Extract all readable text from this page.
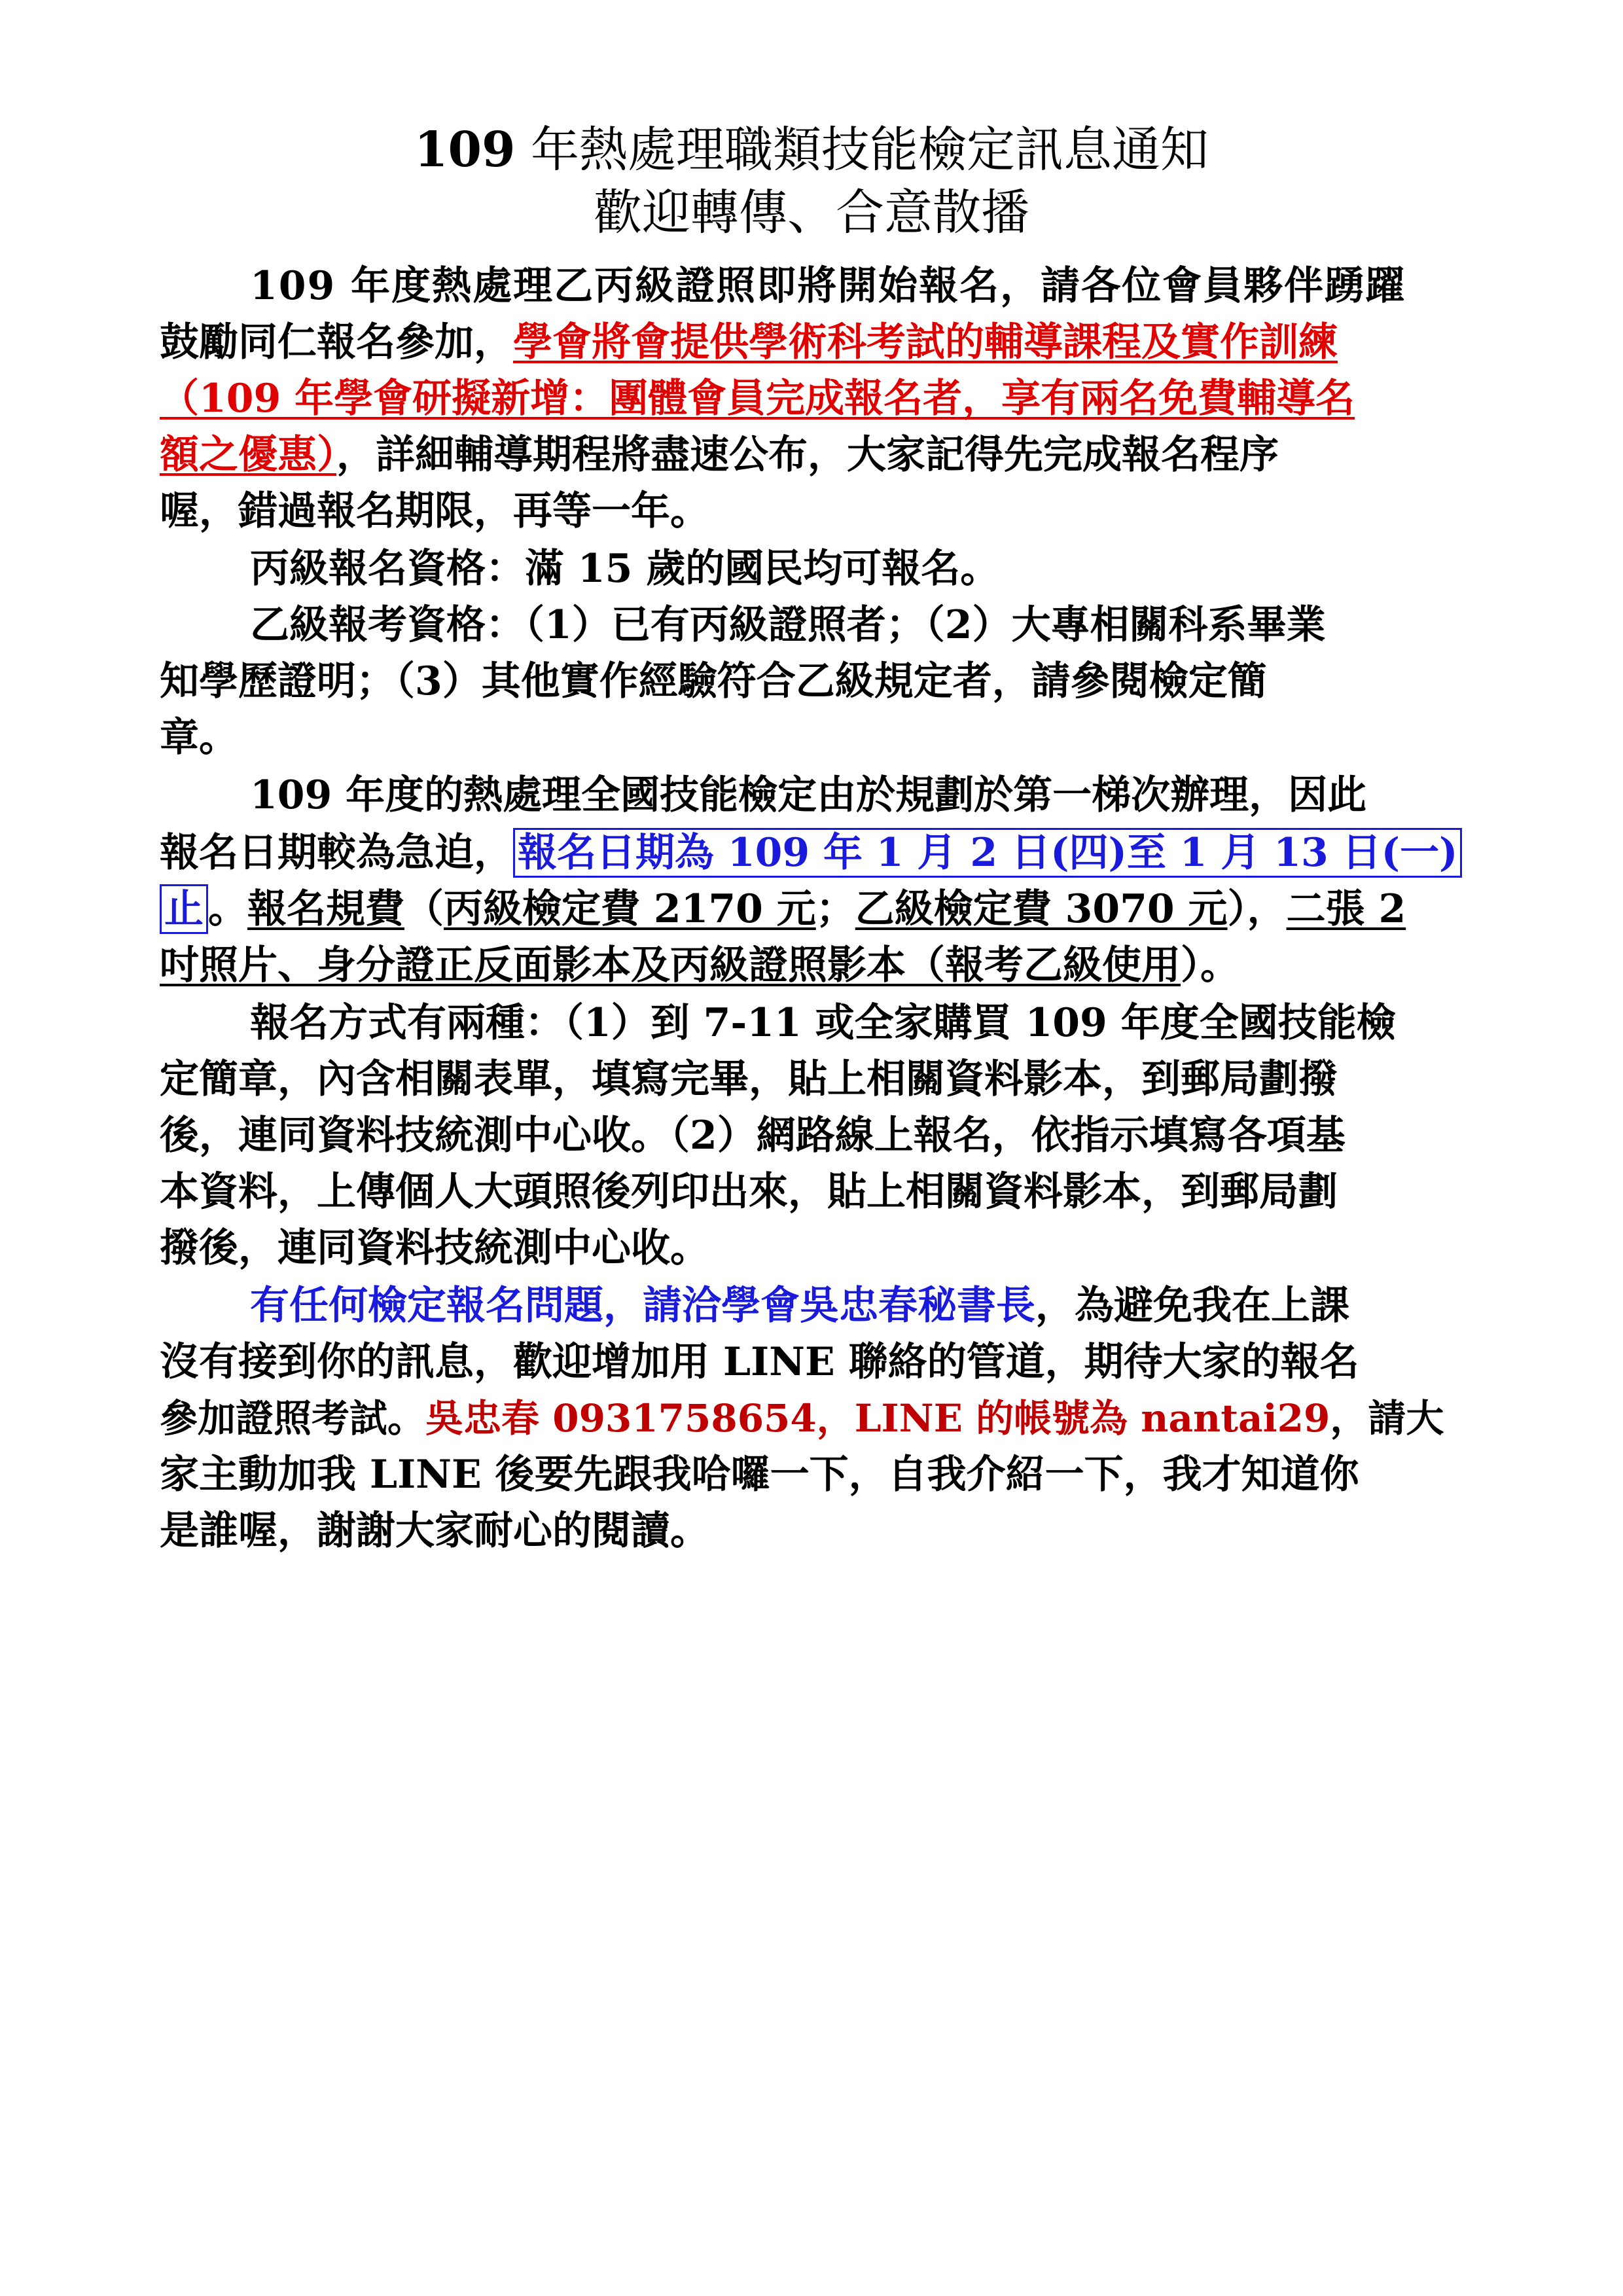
109 年熱處理職類技能檢定訊息通知
歡迎轉傳、合意散播
109 年度熱處理乙丙級證照即將開始報名，請各位會員夥伴踴躍
鼓勵同仁報名參加，學會將會提供學術科考試的輔導課程及實作訓練
（109 年學會研擬新增：團體會員完成報名者，享有兩名免費輔導名
額之優惠），詳細輔導期程將盡速公布，大家記得先完成報名程序
喔，錯過報名期限，再等一年。
丙級報名資格：滿 15 歲的國民均可報名。
乙級報考資格：（1）已有丙級證照者；（2）大專相關科系畢業
知學歷證明；（3）其他實作經驗符合乙級規定者，請參閱檢定簡
章。
109 年度的熱處理全國技能檢定由於規劃於第一梯次辦理，因此
報名日期較為急迫， 報名日期為 109 年 1 月 2 日(四)至 1 月 13 日(一)
止 。報名規費（丙級檢定費 2170 元；乙級檢定費 3070 元），二張 2
吋照片、身分證正反面影本及丙級證照影本（報考乙級使用）。
報名方式有兩種：（1）到 7-11 或全家購買 109 年度全國技能檢
定簡章，內含相關表單，填寫完畢，貼上相關資料影本，到郵局劃撥
後，連同資料技統測中心收。（2）網路線上報名，依指示填寫各項基
本資料，上傳個人大頭照後列印出來，貼上相關資料影本，到郵局劃
撥後，連同資料技統測中心收。
有任何檢定報名問題，請洽學會吳忠春秘書長，為避免我在上課
沒有接到你的訊息，歡迎增加用 LINE 聯絡的管道，期待大家的報名
參加證照考試。吳忠春 0931758654，LINE 的帳號為 nantai29，請大
家主動加我 LINE 後要先跟我哈囉一下，自我介紹一下，我才知道你
是誰喔，謝謝大家耐心的閱讀。
